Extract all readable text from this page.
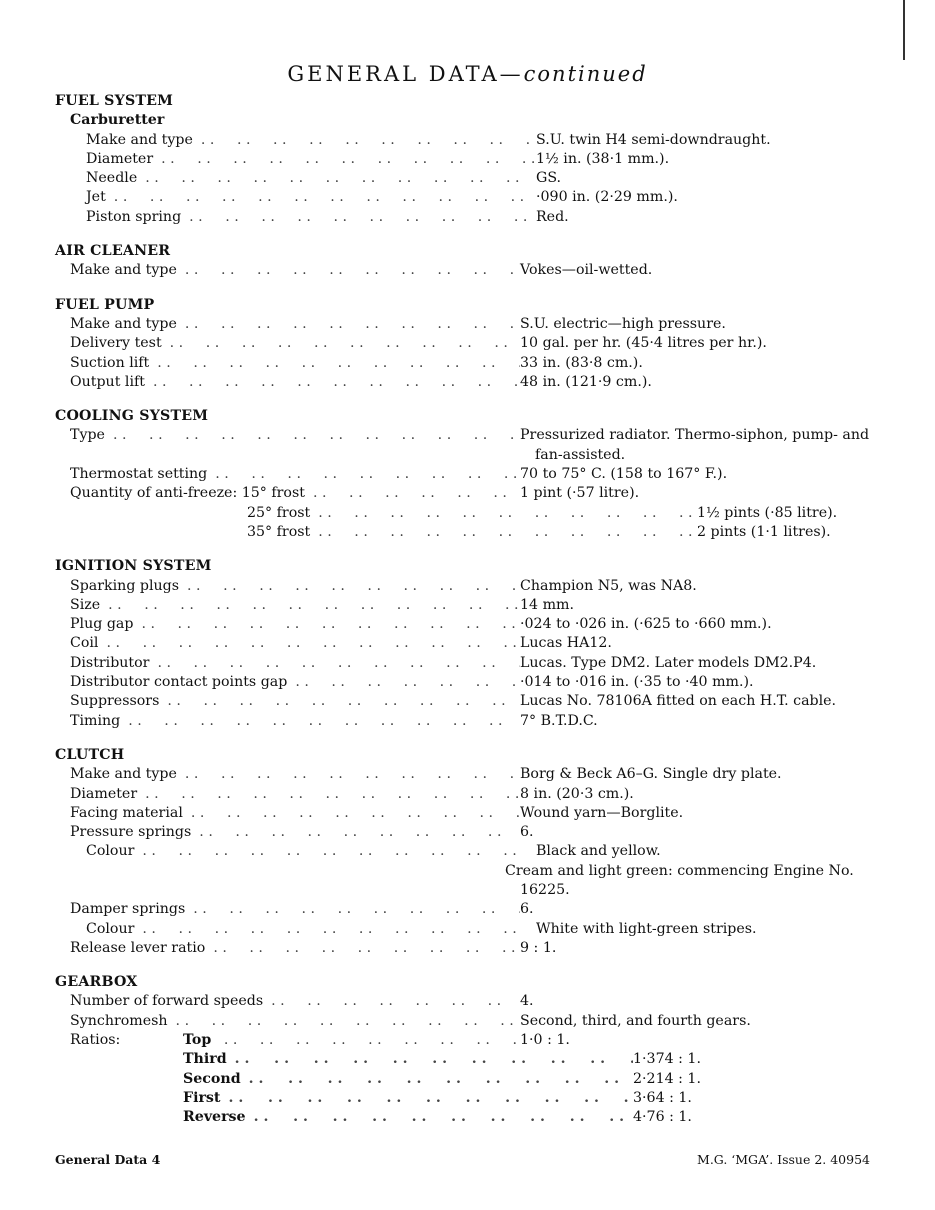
GENERAL DATA—continued
FUEL SYSTEM
Carburetter
Make and type . .	S.U. twin H4 semi-downdraught.
Diameter . .	1½ in. (38·1 mm.).
Needle . .	GS.
Jet . .	·090 in. (2·29 mm.).
Piston spring . .	Red.
AIR CLEANER
Make and type . .	Vokes—oil-wetted.
FUEL PUMP
Make and type . .	S.U. electric—high pressure.
Delivery test . .	10 gal. per hr. (45·4 litres per hr.).
Suction lift . .	33 in. (83·8 cm.).
Output lift . .	48 in. (121·9 cm.).
COOLING SYSTEM
Type . .	Pressurized radiator. Thermo-siphon, pump- and
fan-assisted.
Thermostat setting . .	70 to 75° C. (158 to 167° F.).
Quantity of anti-freeze: 15° frost . .	1 pint (·57 litre).
25° frost . .	1½ pints (·85 litre).
35° frost . .	2 pints (1·1 litres).
IGNITION SYSTEM
Sparking plugs . .	Champion N5, was NA8.
Size . .	14 mm.
Plug gap . .	·024 to ·026 in. (·625 to ·660 mm.).
Coil . .	Lucas HA12.
Distributor . .	Lucas. Type DM2. Later models DM2.P4.
Distributor contact points gap . .	·014 to ·016 in. (·35 to ·40 mm.).
Suppressors . .	Lucas No. 78106A fitted on each H.T. cable.
Timing . .	7° B.T.D.C.
CLUTCH
Make and type . .	Borg & Beck A6–G. Single dry plate.
Diameter . .	8 in. (20·3 cm.).
Facing material . .	Wound yarn—Borglite.
Pressure springs . .	6.
Colour . .	Black and yellow.
Cream and light green: commencing Engine No.
16225.
Damper springs . .	6.
Colour . .	White with light-green stripes.
Release lever ratio . .	9 : 1.
GEARBOX
Number of forward speeds . .	4.
Synchromesh . .	Second, third, and fourth gears.
Ratios:	Top . .	1·0 : 1.
Third . .	1·374 : 1.
Second . .	2·214 : 1.
First . .	3·64 : 1.
Reverse . .	4·76 : 1.
General Data 4	M.G. ‘MGA’. Issue 2. 40954
